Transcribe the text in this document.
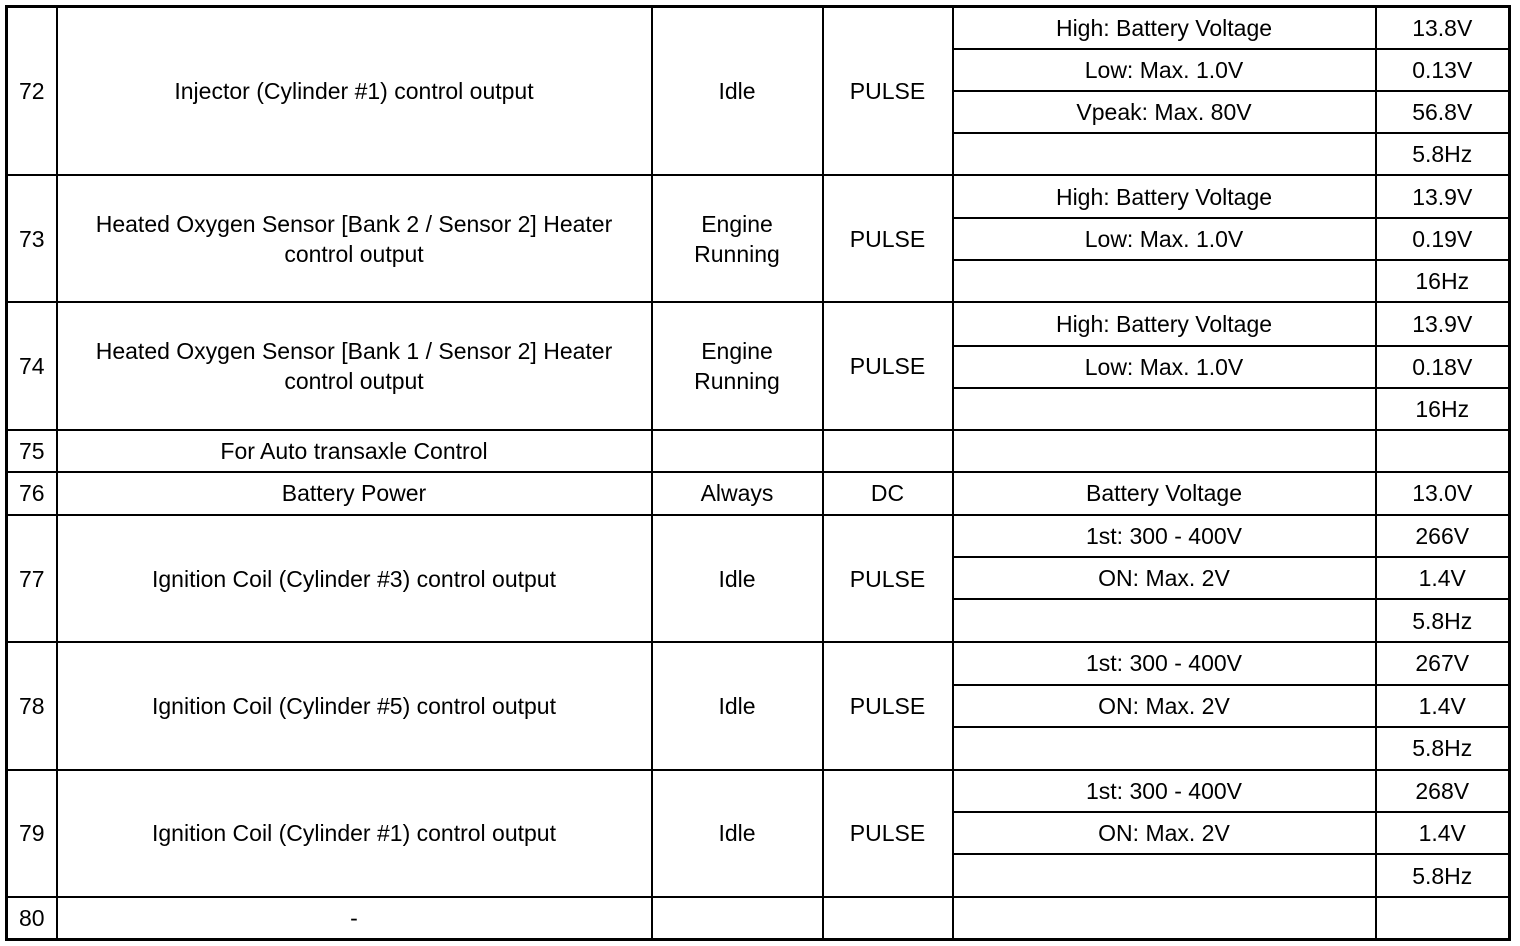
72	Injector (Cylinder #1) control output	Idle	PULSE	High: Battery Voltage	13.8V
				Low: Max. 1.0V	0.13V
				Vpeak: Max. 80V	56.8V
					5.8Hz
73	Heated Oxygen Sensor [Bank 2 / Sensor 2] Heater control output	Engine Running	PULSE	High: Battery Voltage	13.9V
				Low: Max. 1.0V	0.19V
					16Hz
74	Heated Oxygen Sensor [Bank 1 / Sensor 2] Heater control output	Engine Running	PULSE	High: Battery Voltage	13.9V
				Low: Max. 1.0V	0.18V
					16Hz
75	For Auto transaxle Control				
76	Battery Power	Always	DC	Battery Voltage	13.0V
77	Ignition Coil (Cylinder #3) control output	Idle	PULSE	1st: 300 - 400V	266V
				ON: Max. 2V	1.4V
					5.8Hz
78	Ignition Coil (Cylinder #5) control output	Idle	PULSE	1st: 300 - 400V	267V
				ON: Max. 2V	1.4V
					5.8Hz
79	Ignition Coil (Cylinder #1) control output	Idle	PULSE	1st: 300 - 400V	268V
				ON: Max. 2V	1.4V
					5.8Hz
80	-				
